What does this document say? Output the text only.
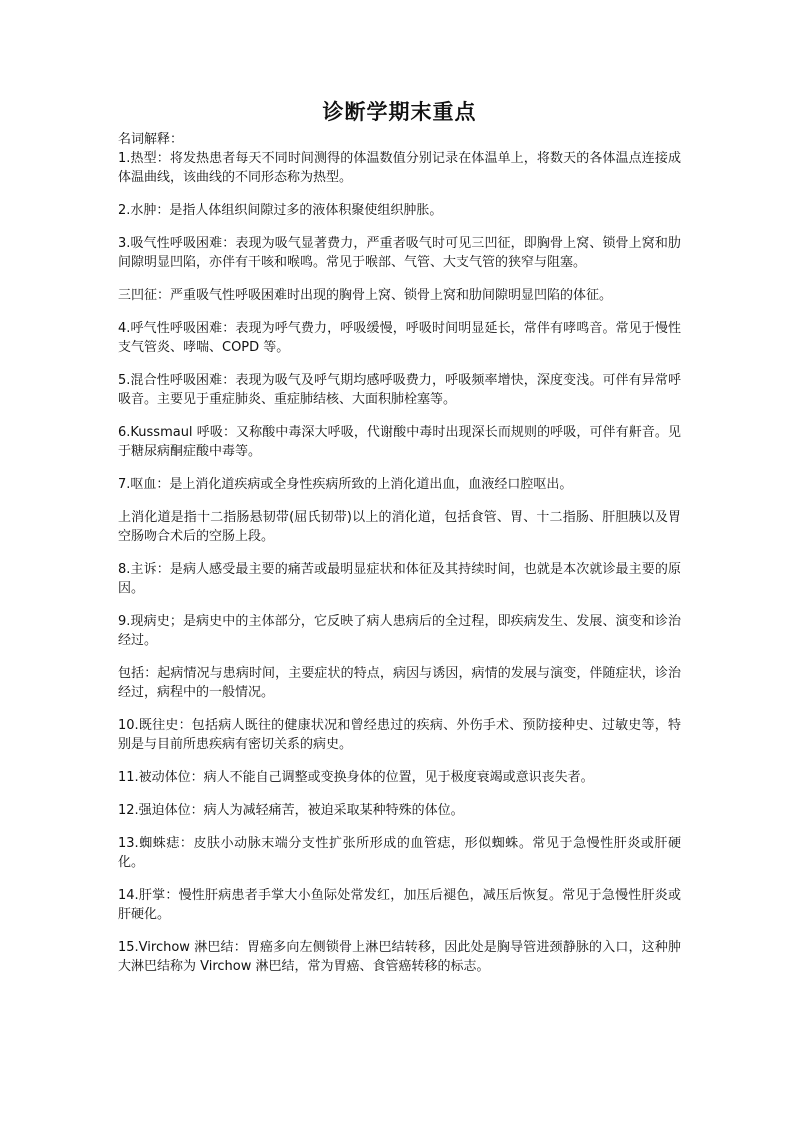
诊断学期末重点
名词解释：

1.热型：将发热患者每天不同时间测得的体温数值分别记录在体温单上，将数天的各体温点连接成体温曲线，该曲线的不同形态称为热型。

2.水肿：是指人体组织间隙过多的液体积聚使组织肿胀。

3.吸气性呼吸困难：表现为吸气显著费力，严重者吸气时可见三凹征，即胸骨上窝、锁骨上窝和肋间隙明显凹陷，亦伴有干咳和喉鸣。常见于喉部、气管、大支气管的狭窄与阻塞。

三凹征：严重吸气性呼吸困难时出现的胸骨上窝、锁骨上窝和肋间隙明显凹陷的体征。

4.呼气性呼吸困难：表现为呼气费力，呼吸缓慢，呼吸时间明显延长，常伴有哮鸣音。常见于慢性支气管炎、哮喘、COPD 等。

5.混合性呼吸困难：表现为吸气及呼气期均感呼吸费力，呼吸频率增快，深度变浅。可伴有异常呼吸音。主要见于重症肺炎、重症肺结核、大面积肺栓塞等。

6.Kussmaul 呼吸：又称酸中毒深大呼吸，代谢酸中毒时出现深长而规则的呼吸，可伴有鼾音。见于糖尿病酮症酸中毒等。

7.呕血：是上消化道疾病或全身性疾病所致的上消化道出血，血液经口腔呕出。

上消化道是指十二指肠悬韧带(屈氏韧带)以上的消化道，包括食管、胃、十二指肠、肝胆胰以及胃空肠吻合术后的空肠上段。

8.主诉：是病人感受最主要的痛苦或最明显症状和体征及其持续时间，也就是本次就诊最主要的原因。

9.现病史；是病史中的主体部分，它反映了病人患病后的全过程，即疾病发生、发展、演变和诊治经过。

包括：起病情况与患病时间，主要症状的特点，病因与诱因，病情的发展与演变，伴随症状，诊治经过，病程中的一般情况。

10.既往史：包括病人既往的健康状况和曾经患过的疾病、外伤手术、预防接种史、过敏史等，特别是与目前所患疾病有密切关系的病史。

11.被动体位：病人不能自己调整或变换身体的位置，见于极度衰竭或意识丧失者。

12.强迫体位：病人为减轻痛苦，被迫采取某种特殊的体位。

13.蜘蛛痣：皮肤小动脉末端分支性扩张所形成的血管痣，形似蜘蛛。常见于急慢性肝炎或肝硬化。

14.肝掌：慢性肝病患者手掌大小鱼际处常发红，加压后褪色，减压后恢复。常见于急慢性肝炎或肝硬化。

15.Virchow 淋巴结：胃癌多向左侧锁骨上淋巴结转移，因此处是胸导管进颈静脉的入口，这种肿大淋巴结称为 Virchow 淋巴结，常为胃癌、食管癌转移的标志。
